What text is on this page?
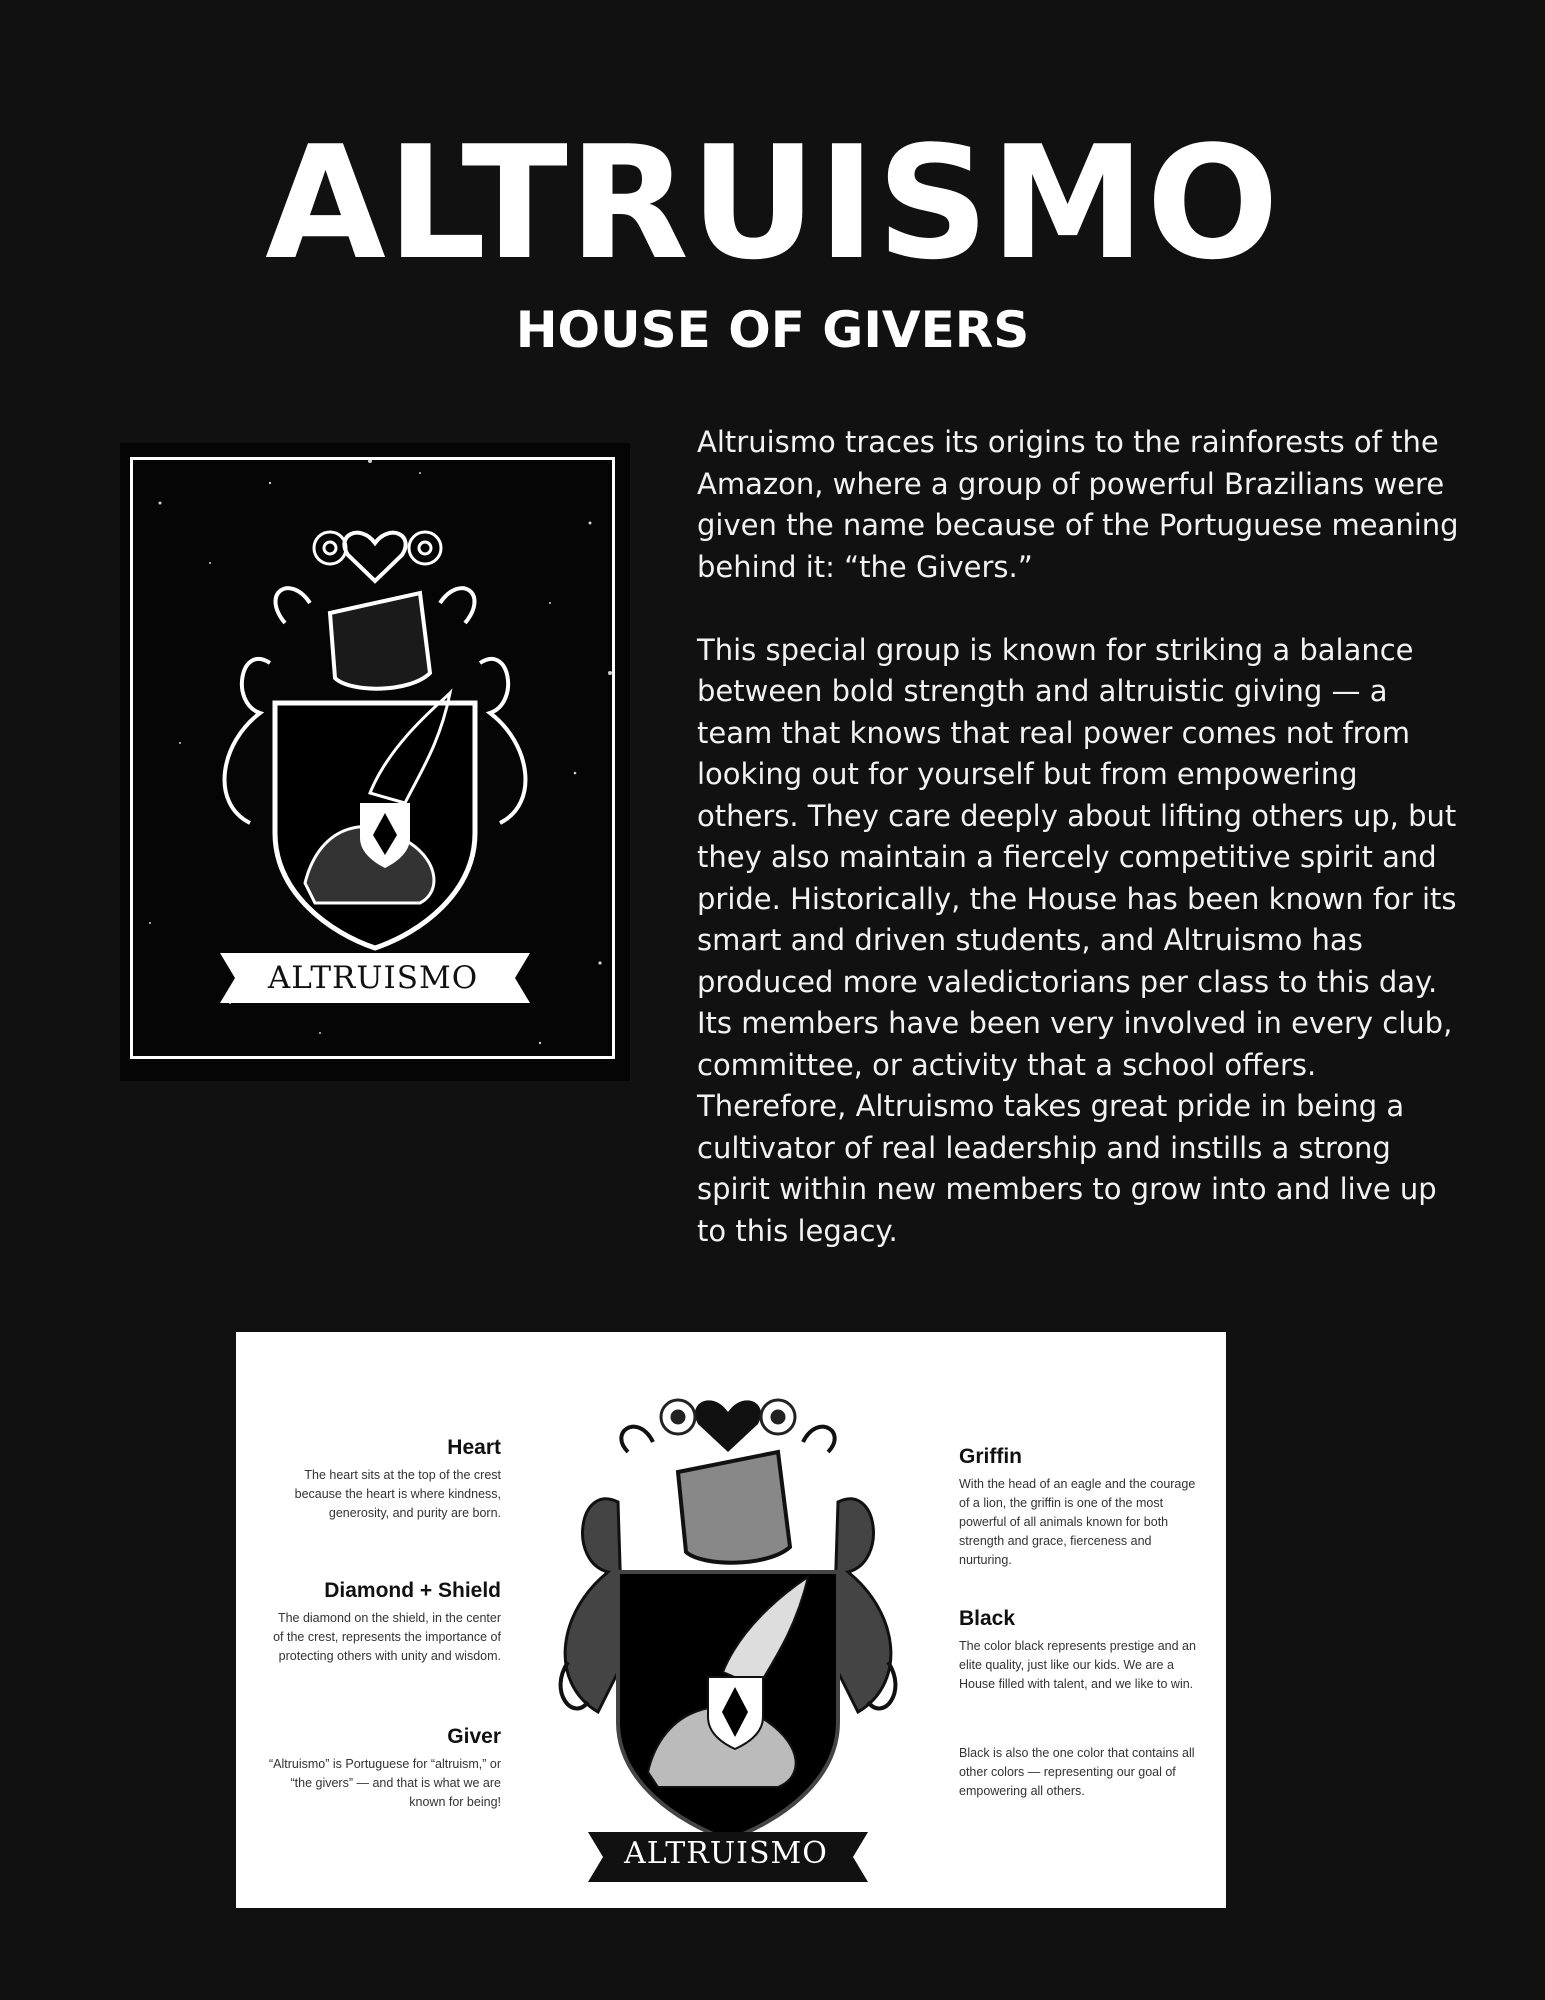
ALTRUISMO
HOUSE OF GIVERS
ALTRUISMO

Altruismo traces its origins to the rainforests of the Amazon, where a group of powerful Brazilians were given the name because of the Portuguese meaning behind it: “the Givers.”

This special group is known for striking a balance between bold strength and altruistic giving — a team that knows that real power comes not from looking out for yourself but from empowering others. They care deeply about lifting others up, but they also maintain a fiercely competitive spirit and pride. Historically, the House has been known for its smart and driven students, and Altruismo has produced more valedictorians per class to this day. Its members have been very involved in every club, committee, or activity that a school offers. Therefore, Altruismo takes great pride in being a cultivator of real leadership and instills a strong spirit within new members to grow into and live up to this legacy.

ALTRUISMO
Heart
The heart sits at the top of the crest because the heart is where kindness, generosity, and purity are born.
Diamond + Shield
The diamond on the shield, in the center of the crest, represents the importance of protecting others with unity and wisdom.
Giver
“Altruismo” is Portuguese for “altruism,” or “the givers” — and that is what we are known for being!
Griffin
With the head of an eagle and the courage of a lion, the griffin is one of the most powerful of all animals known for both strength and grace, fierceness and nurturing.
Black
The color black represents prestige and an elite quality, just like our kids. We are a House filled with talent, and we like to win.
Black is also the one color that contains all other colors — representing our goal of empowering all others.
